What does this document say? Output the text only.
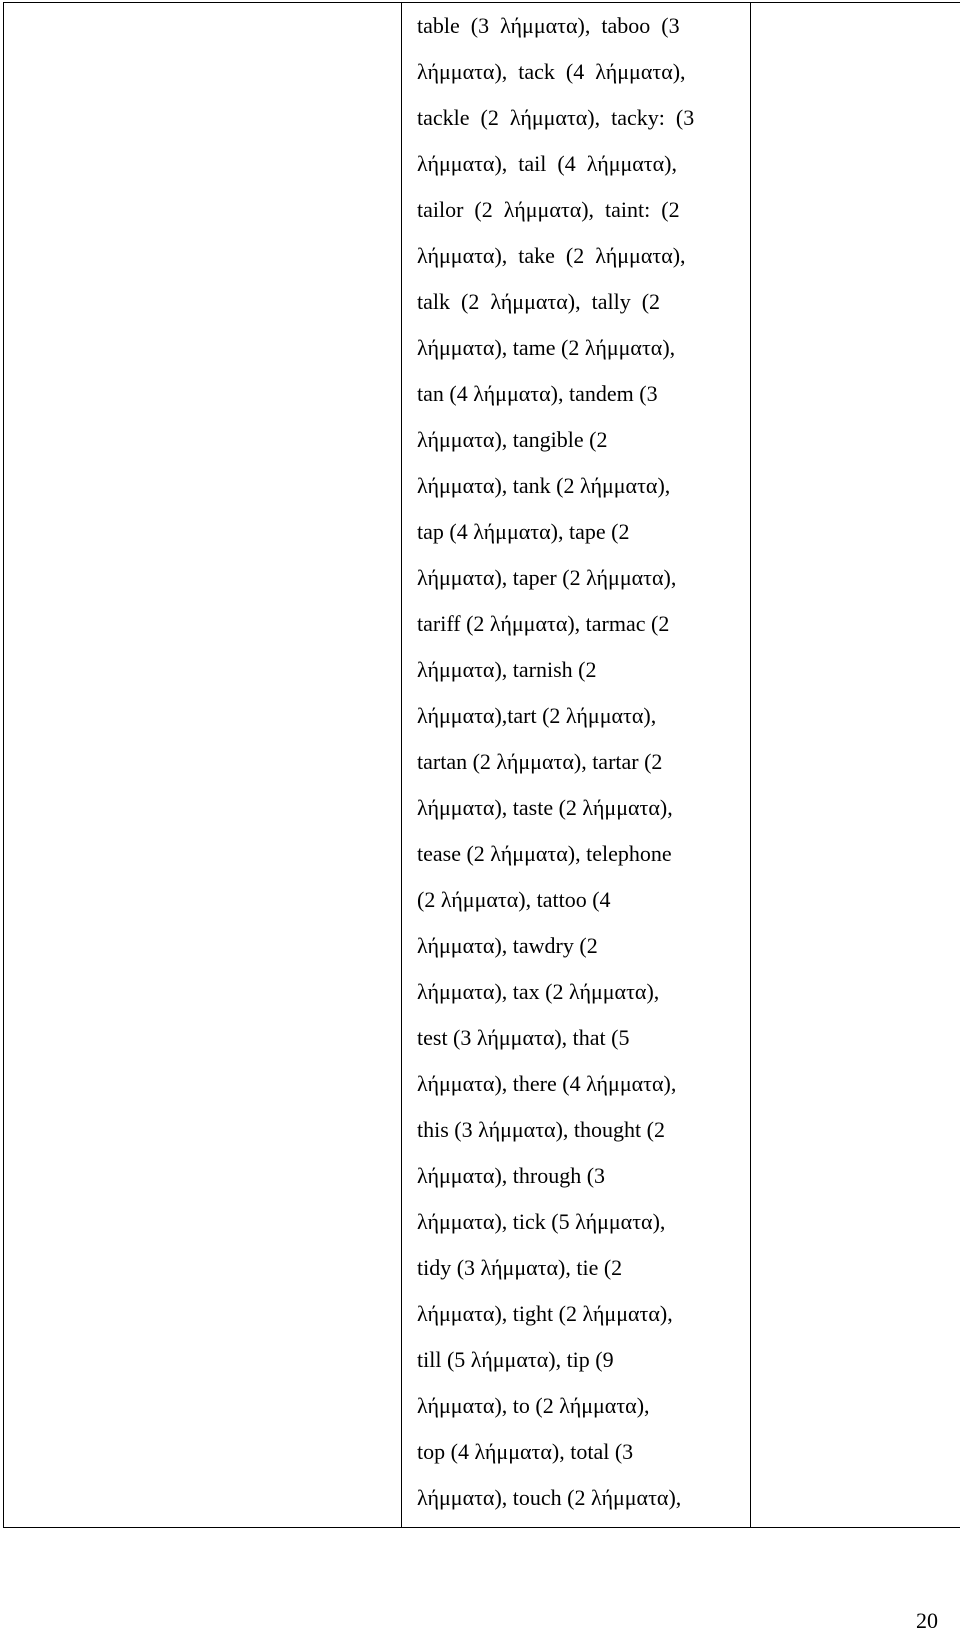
table  (3  λήμματα),  taboo  (3
λήμματα),  tack  (4  λήμματα),
tackle  (2  λήμματα),  tacky:  (3
λήμματα),  tail  (4  λήμματα),
tailor  (2  λήμματα),  taint:  (2
λήμματα),  take  (2  λήμματα),
talk  (2  λήμματα),  tally  (2
λήμματα), tame (2 λήμματα),
tan (4 λήμματα), tandem (3
λήμματα), tangible (2
λήμματα), tank (2 λήμματα),
tap (4 λήμματα), tape (2
λήμματα), taper (2 λήμματα),
tariff (2 λήμματα), tarmac (2
λήμματα), tarnish (2
λήμματα),tart (2 λήμματα),
tartan (2 λήμματα), tartar (2
λήμματα), taste (2 λήμματα),
tease (2 λήμματα), telephone
(2 λήμματα), tattoo (4
λήμματα), tawdry (2
λήμματα), tax (2 λήμματα),
test (3 λήμματα), that (5
λήμματα), there (4 λήμματα),
this (3 λήμματα), thought (2
λήμματα), through (3
λήμματα), tick (5 λήμματα),
tidy (3 λήμματα), tie (2
λήμματα), tight (2 λήμματα),
till (5 λήμματα), tip (9
λήμματα), to (2 λήμματα),
top (4 λήμματα), total (3
λήμματα), touch (2 λήμματα),

20
